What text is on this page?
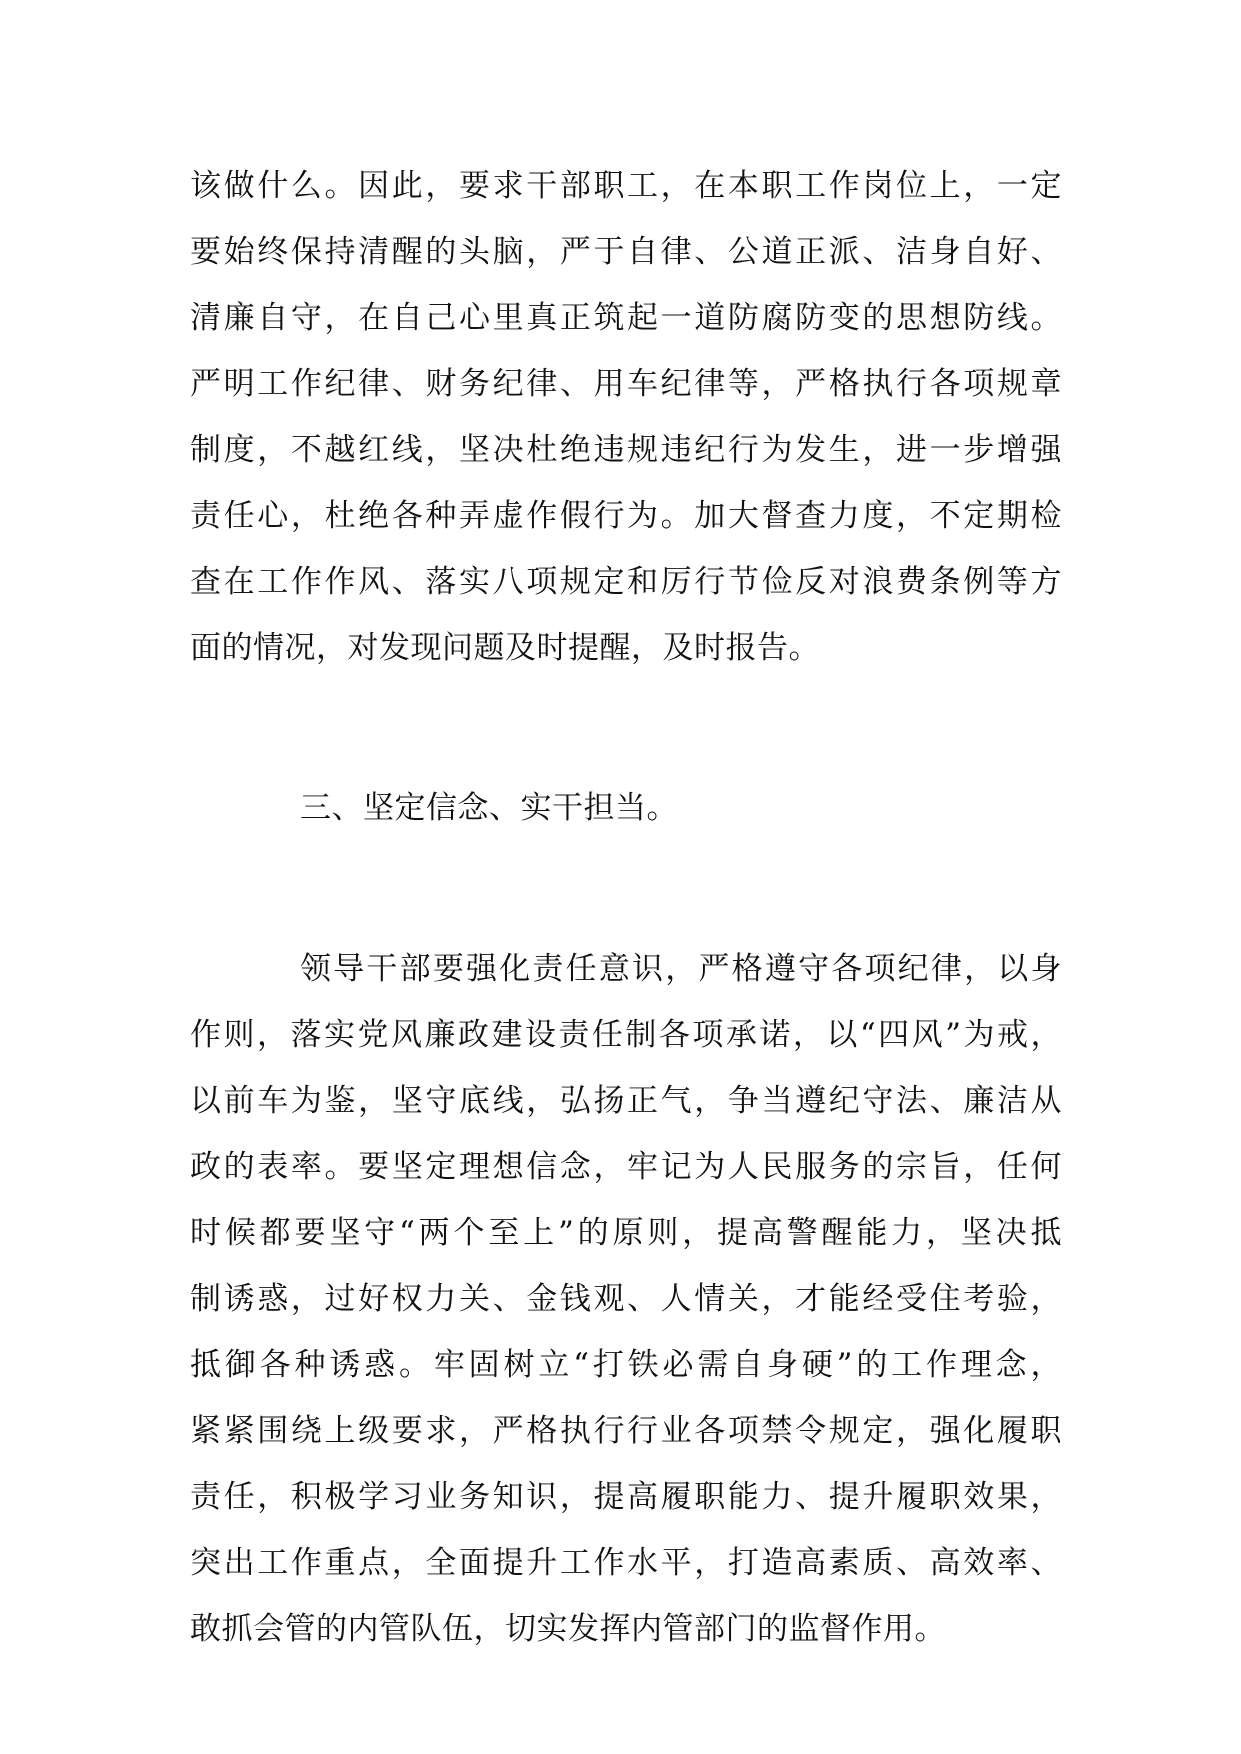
该做什么。因此，要求干部职工，在本职工作岗位上，一定
要始终保持清醒的头脑，严于自律、公道正派、洁身自好、
清廉自守，在自己心里真正筑起一道防腐防变的思想防线。
严明工作纪律、财务纪律、用车纪律等，严格执行各项规章
制度，不越红线，坚决杜绝违规违纪行为发生，进一步增强
责任心，杜绝各种弄虚作假行为。加大督查力度，不定期检
查在工作作风、落实八项规定和厉行节俭反对浪费条例等方
面的情况，对发现问题及时提醒，及时报告。
三、坚定信念、实干担当。
领导干部要强化责任意识，严格遵守各项纪律，以身
作则，落实党风廉政建设责任制各项承诺，以“四风”为戒，
以前车为鉴，坚守底线，弘扬正气，争当遵纪守法、廉洁从
政的表率。要坚定理想信念，牢记为人民服务的宗旨，任何
时候都要坚守“两个至上”的原则，提高警醒能力，坚决抵
制诱惑，过好权力关、金钱观、人情关，才能经受住考验，
抵御各种诱惑。牢固树立“打铁必需自身硬”的工作理念，
紧紧围绕上级要求，严格执行行业各项禁令规定，强化履职
责任，积极学习业务知识，提高履职能力、提升履职效果，
突出工作重点，全面提升工作水平，打造高素质、高效率、
敢抓会管的内管队伍，切实发挥内管部门的监督作用。
